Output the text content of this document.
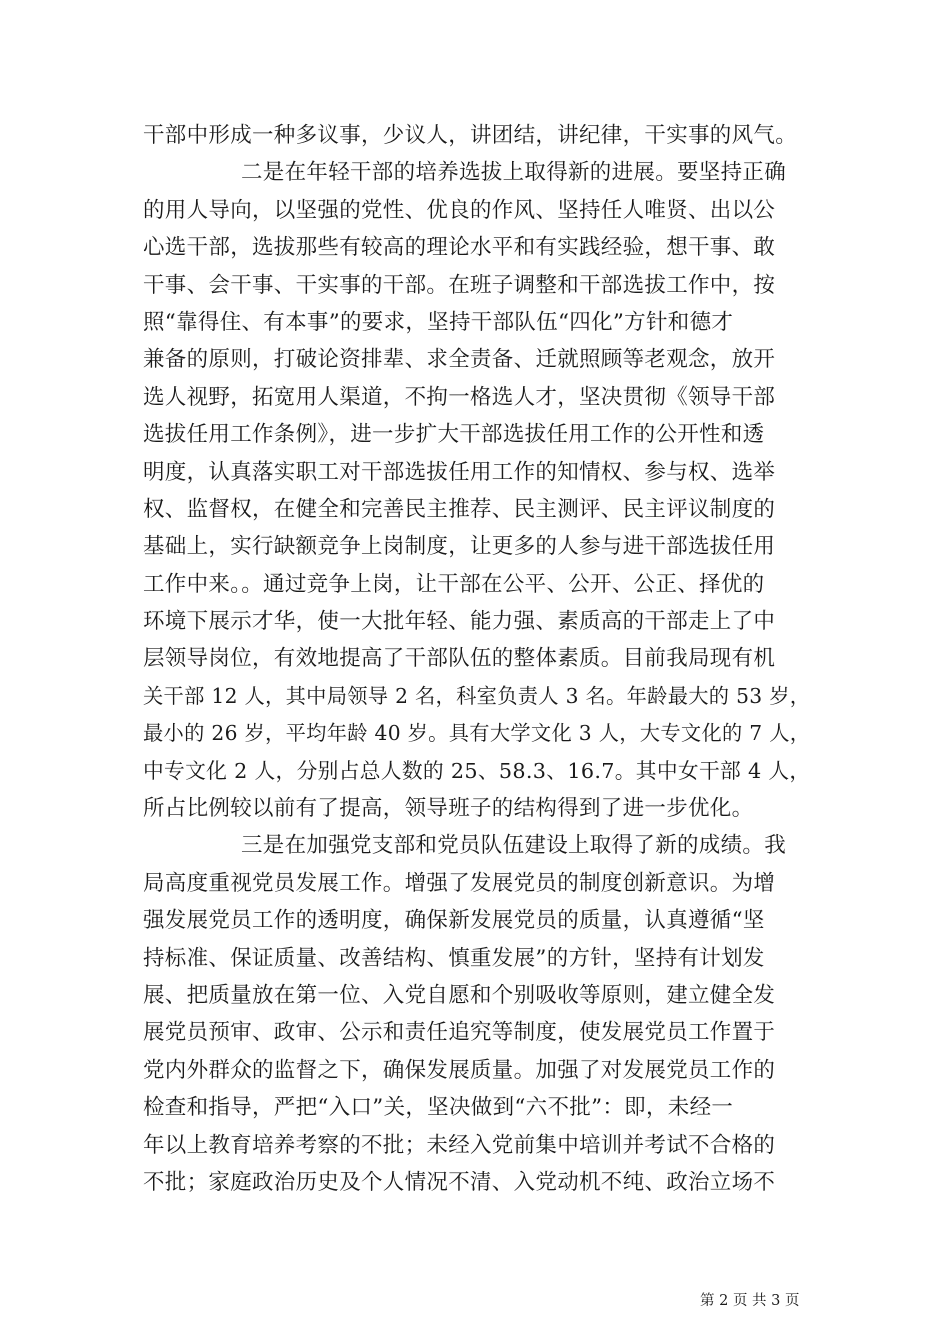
干部中形成一种多议事，少议人，讲团结，讲纪律，干实事的风气。
二是在年轻干部的培养选拔上取得新的进展。要坚持正确
的用人导向，以坚强的党性、优良的作风、坚持任人唯贤、出以公
心选干部，选拔那些有较高的理论水平和有实践经验，想干事、敢
干事、会干事、干实事的干部。在班子调整和干部选拔工作中，按
照“靠得住、有本事”的要求，坚持干部队伍“四化”方针和德才
兼备的原则，打破论资排辈、求全责备、迁就照顾等老观念，放开
选人视野，拓宽用人渠道，不拘一格选人才，坚决贯彻《领导干部
选拔任用工作条例》，进一步扩大干部选拔任用工作的公开性和透
明度，认真落实职工对干部选拔任用工作的知情权、参与权、选举
权、监督权，在健全和完善民主推荐、民主测评、民主评议制度的
基础上，实行缺额竞争上岗制度，让更多的人参与进干部选拔任用
工作中来。。通过竞争上岗，让干部在公平、公开、公正、择优的
环境下展示才华，使一大批年轻、能力强、素质高的干部走上了中
层领导岗位，有效地提高了干部队伍的整体素质。目前我局现有机
关干部 12 人，其中局领导 2 名，科室负责人 3 名。年龄最大的 53 岁，
最小的 26 岁，平均年龄 40 岁。具有大学文化 3 人，大专文化的 7 人，
中专文化 2 人，分别占总人数的 25、58.3、16.7。其中女干部 4 人，
所占比例较以前有了提高，领导班子的结构得到了进一步优化。
三是在加强党支部和党员队伍建设上取得了新的成绩。我
局高度重视党员发展工作。增强了发展党员的制度创新意识。为增
强发展党员工作的透明度，确保新发展党员的质量，认真遵循“坚
持标准、保证质量、改善结构、慎重发展”的方针，坚持有计划发
展、把质量放在第一位、入党自愿和个别吸收等原则，建立健全发
展党员预审、政审、公示和责任追究等制度，使发展党员工作置于
党内外群众的监督之下，确保发展质量。加强了对发展党员工作的
检查和指导，严把“入口”关，坚决做到“六不批”：即，未经一
年以上教育培养考察的不批；未经入党前集中培训并考试不合格的
不批；家庭政治历史及个人情况不清、入党动机不纯、政治立场不
第 2 页 共 3 页
